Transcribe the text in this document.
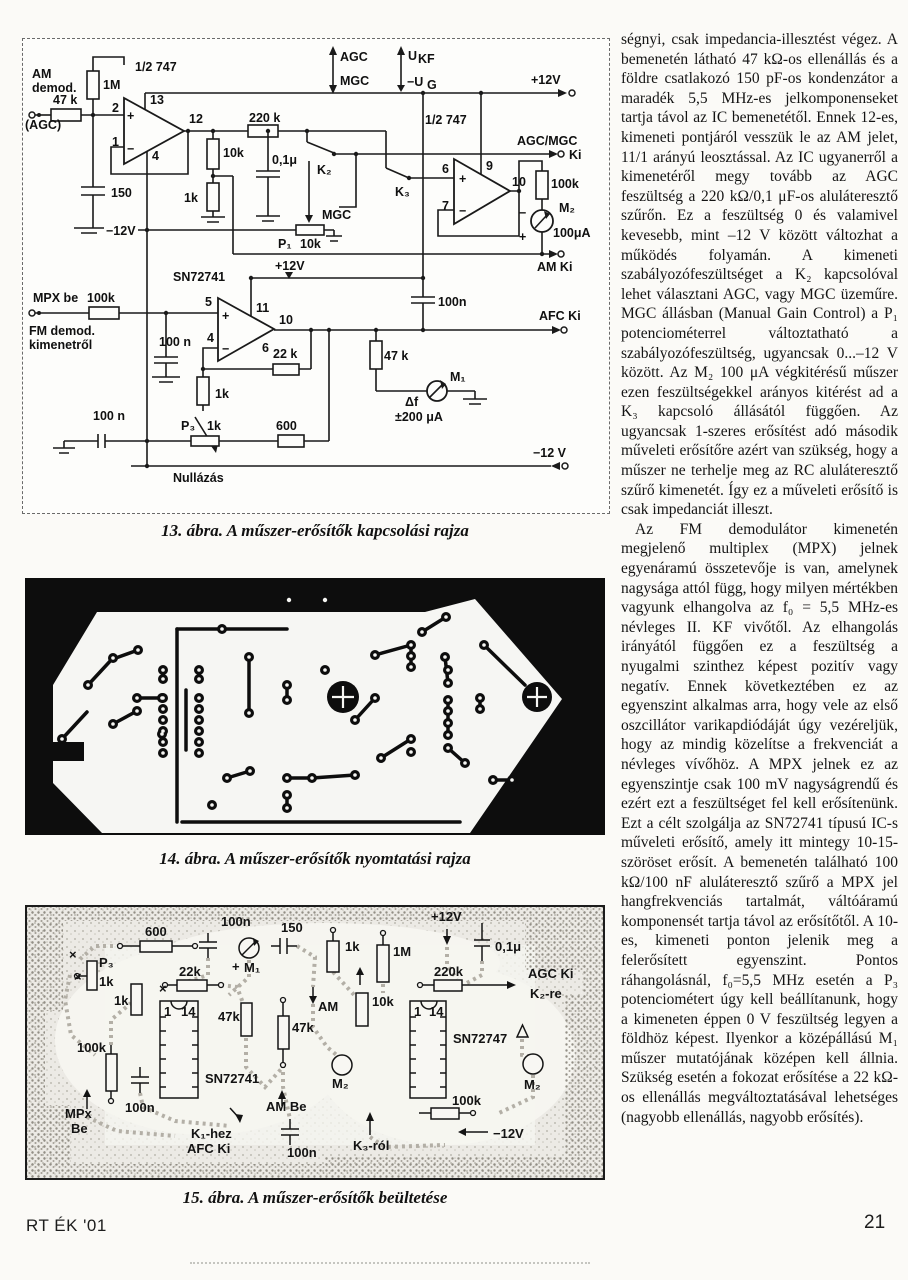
AM
demod.
(AGC)
47 k
1M
1/2 747
2
1
13
12
4
+
−
150
220 k
10k
1k
0,1μ
K₂
K₃
MGC
P₁ 10k
−12V
AGC
MGC
U KF
−U G	+12V
1/2 747
6	9
10
7
+
−
100k
M₂
−
+ 100μA
AGC/MGC
Ki
AM Ki
SN72741
+12V
MPX be 100k
FM demod.
kimenetről	100 n
5
4
11
10
6
+
−	22 k
1k
P₃ 1k	600
100 n
47 k
M₁
Δf
±200 μA
100n
AFC Ki
−12 V
Nullázás
13. ábra. A műszer-erősítők kapcsolási rajza
14. ábra. A műszer-erősítők nyomtatási rajza
600
100n 150
+ M₁
P₃
1k
22k
1k
1 14 47k
47k
100k
100n
MPx
Be
SN72741
K₁-hez
AFC Ki
AM Be
100n
1k	1M
+12V
0,1μ
220k	AGC Ki
K₂-re
AM	10k
1 14
SN72747
M₂	M₂
100k
K₃-ról
−12V
×
×
×
15. ábra. A műszer-erősítők beültetése

ségnyi, csak impedancia-illesztést végez. A bemenetén látható 47 kΩ-os ellenállás és a földre csatlakozó 150 pF-os kondenzátor a maradék 5,5 MHz-es jelkomponenseket tartja távol az IC bemenetétől. Ennek 12-es, kimeneti pontjáról vesszük le az AM jelet, 11/1 arányú leosztással. Az IC ugyanerről a kimenetéről megy tovább az AGC feszültség a 220 kΩ/0,1 μF-os aluláteresztő szűrőn. Ez a feszültség 0 és valamivel kevesebb, mint –12 V között változhat a működés folyamán. A kimeneti szabályozófeszültséget a K₂ kapcsolóval lehet választani AGC, vagy MGC üzeműre. MGC állásban (Manual Gain Control) a P₁ potenciométerrel változtatható a szabályozófeszültség, ugyancsak 0...–12 V között. Az M₂ 100 μA végkitérésű műszer ezen feszültségekkel arányos kitérést ad a K₃ kapcsoló állásától függően. Az ugyancsak 1-szeres erősítést adó második műveleti erősítőre azért van szükség, hogy a műszer ne terhelje meg az RC aluláteresztő szűrő kimenetét. Így ez a műveleti erősítő is csak impedanciát illeszt.

Az FM demodulátor kimenetén megjelenő multiplex (MPX) jelnek egyenáramú összetevője is van, amelynek nagysága attól függ, hogy milyen mértékben vagyunk elhangolva az f₀ = 5,5 MHz-es névleges II. KF vivőtől. Az elhangolás irányától függően ez a feszültség a nyugalmi szinthez képest pozitív vagy negatív. Ennek következtében ez az egyenszint alkalmas arra, hogy vele az első oszcillátor varikapdiódáját úgy vezéreljük, hogy az mindig közelítse a frekvenciát a névleges vívőhöz. A MPX jelnek ez az egyenszintje csak 100 mV nagyságrendű és ezért ezt a feszültséget fel kell erősítenünk. Ezt a célt szolgálja az SN72741 típusú IC-s műveleti erősítő, amely itt mintegy 10-15-szöröset erősít. A bemenetén található 100 kΩ/100 nF aluláteresztő szűrő a MPX jel hangfrekvenciás tartalmát, váltóáramú komponensét tartja távol az erősítőtől. A 10-es, kimeneti ponton jelenik meg a felerősített egyenszint. Pontos ráhangolásnál, f₀=5,5 MHz esetén a P₃ potenciométert úgy kell beállítanunk, hogy a kimeneten éppen 0 V feszültség legyen a földhöz képest. Ilyenkor a középállású M₁ műszer mutatójának középen kell állnia. Szükség esetén a fokozat erősítése a 22 kΩ-os ellenállás megváltoztatásával lehetséges (nagyobb ellenállás, nagyobb erősítés).

RT ÉK '01	21
